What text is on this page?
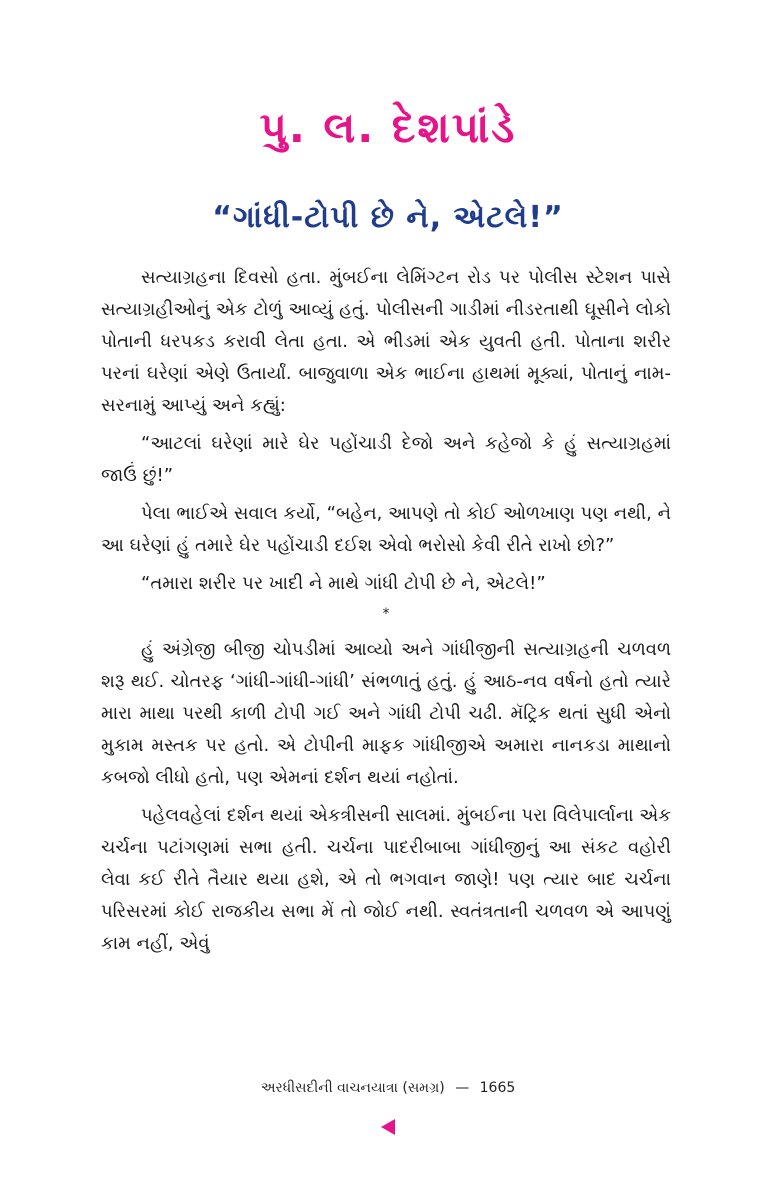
પુ. લ. દેશપાંડે
“ગાંધી-ટોપી છે ને, એટલે!”

સત્યાગ્રહના દિવસો હતા. મુંબઈના લેમિંગ્ટન રોડ પર પોલીસ સ્ટેશન પાસે સત્યાગ્રહીઓનું એક ટોળું આવ્યું હતું. પોલીસની ગાડીમાં નીડરતાથી ઘૂસીને લોકો પોતાની ધરપકડ કરાવી લેતા હતા. એ ભીડમાં એક યુવતી હતી. પોતાના શરીર પરનાં ઘરેણાં એણે ઉતાર્યાં. બાજુવાળા એક ભાઈના હાથમાં મૂક્યાં, પોતાનું નામ-સરનામું આપ્યું અને કહ્યું:

“આટલાં ઘરેણાં મારે ઘેર પહોંચાડી દેજો અને કહેજો કે હું સત્યાગ્રહમાં જાઉં છું!”

પેલા ભાઈએ સવાલ કર્યો, “બહેન, આપણે તો કોઈ ઓળખાણ પણ નથી, ને આ ઘરેણાં હું તમારે ઘેર પહોંચાડી દઈશ એવો ભરોસો કેવી રીતે રાખો છો?”

“તમારા શરીર પર ખાદી ને માથે ગાંધી ટોપી છે ને, એટલે!”

*

હું અંગ્રેજી બીજી ચોપડીમાં આવ્યો અને ગાંધીજીની સત્યાગ્રહની ચળવળ શરૂ થઈ. ચોતરફ ‘ગાંધી-ગાંધી-ગાંધી’ સંભળાતું હતું. હું આઠ-નવ વર્ષનો હતો ત્યારે મારા માથા પરથી કાળી ટોપી ગઈ અને ગાંધી ટોપી ચઢી. મૅટ્રિક થતાં સુધી એનો મુકામ મસ્તક પર હતો. એ ટોપીની માફક ગાંધીજીએ અમારા નાનકડા માથાનો કબજો લીધો હતો, પણ એમનાં દર્શન થયાં નહોતાં.

પહેલવહેલાં દર્શન થયાં એકત્રીસની સાલમાં. મુંબઈના પરા વિલેપાર્લાના એક ચર્ચના પટાંગણમાં સભા હતી. ચર્ચના પાદરીબાબા ગાંધીજીનું આ સંકટ વહોરી લેવા કઈ રીતે તૈયાર થયા હશે, એ તો ભગવાન જાણે! પણ ત્યાર બાદ ચર્ચના પરિસરમાં કોઈ રાજકીય સભા મેં તો જોઈ નથી. સ્વતંત્રતાની ચળવળ એ આપણું કામ નહીં, એવું

અરધીસદીની વાચનયાત્રા (સમગ્ર) — 1665
